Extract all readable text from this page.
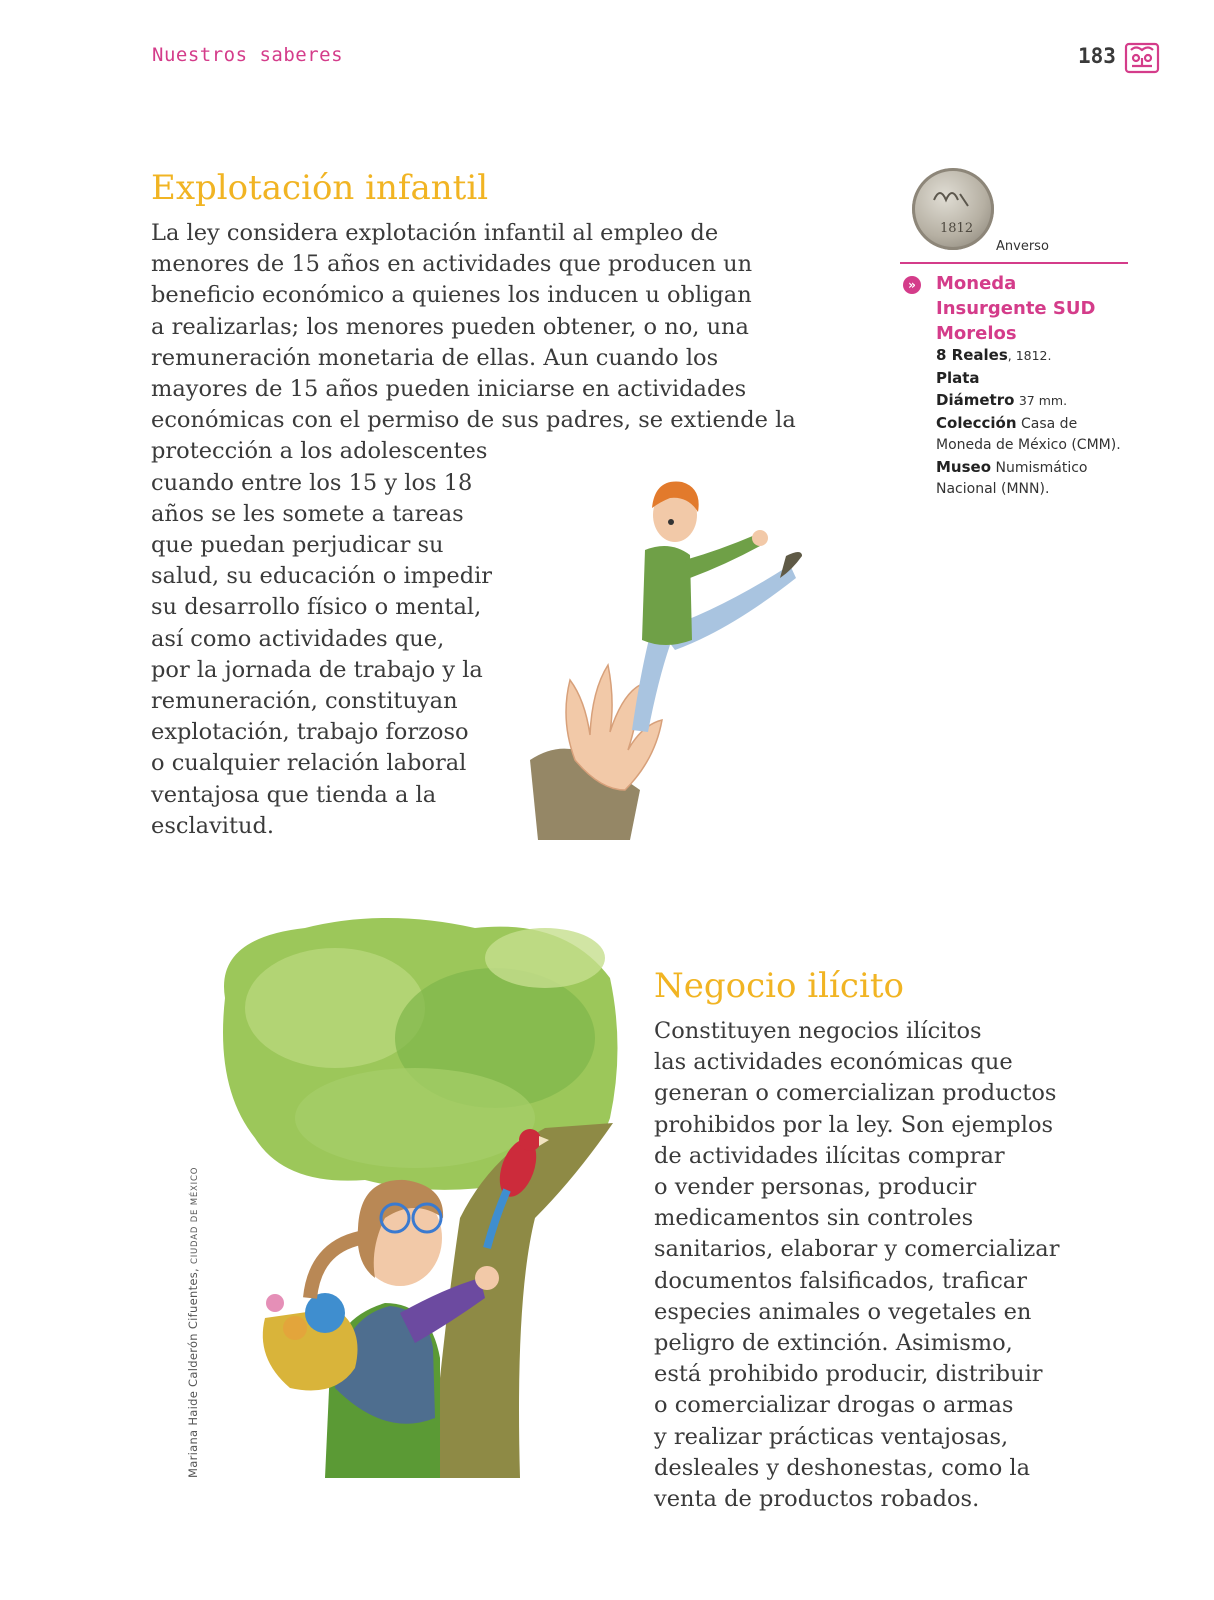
Nuestros saberes	183
Explotación infantil
La ley considera explotación infantil al empleo de
menores de 15 años en actividades que producen un
beneficio económico a quienes los inducen u obligan
a realizarlas; los menores pueden obtener, o no, una
remuneración monetaria de ellas. Aun cuando los
mayores de 15 años pueden iniciarse en actividades
económicas con el permiso de sus padres, se extiende la
protección a los adolescentes
cuando entre los 15 y los 18
años se les somete a tareas
que puedan perjudicar su
salud, su educación o impedir
su desarrollo físico o mental,
así como actividades que,
por la jornada de trabajo y la
remuneración, constituyan
explotación, trabajo forzoso
o cualquier relación laboral
ventajosa que tienda a la
esclavitud.
1812
Anverso
» Moneda
Insurgente SUD
Morelos
8 Reales, 1812.
Plata
Diámetro 37 mm.
Colección Casa de
Moneda de México (CMM).
Museo Numismático
Nacional (MNN).
Negocio ilícito
Constituyen negocios ilícitos
las actividades económicas que
generan o comercializan productos
prohibidos por la ley. Son ejemplos
de actividades ilícitas comprar
o vender personas, producir
medicamentos sin controles
sanitarios, elaborar y comercializar
documentos falsificados, traficar
especies animales o vegetales en
peligro de extinción. Asimismo,
está prohibido producir, distribuir
o comercializar drogas o armas
y realizar prácticas ventajosas,
desleales y deshonestas, como la
venta de productos robados.
Mariana Haide Calderón Cifuentes, CIUDAD DE MÉXICO
